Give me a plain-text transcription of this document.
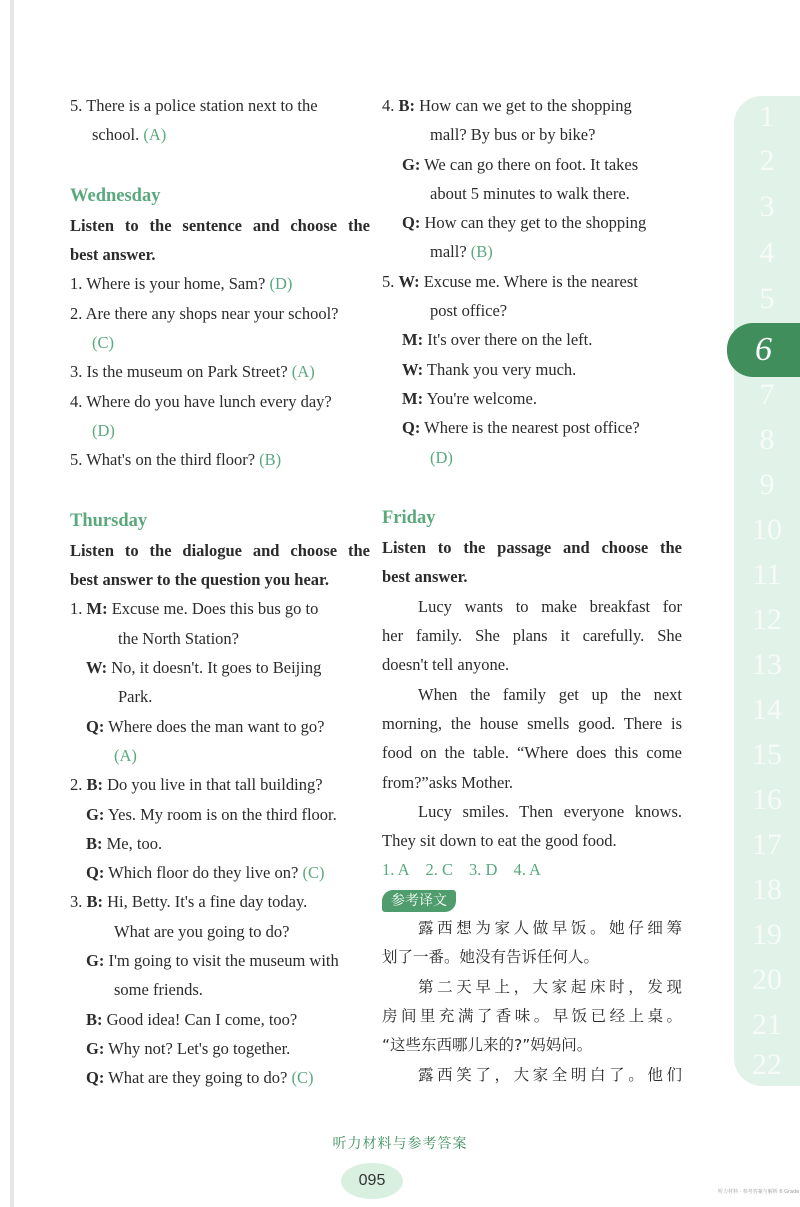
5. There is a police station next to the
school. (A)
Wednesday
Listen to the sentence and choose the
best answer.
1. Where is your home, Sam? (D)
2. Are there any shops near your school?
(C)
3. Is the museum on Park Street? (A)
4. Where do you have lunch every day?
(D)
5. What's on the third floor? (B)
Thursday
Listen to the dialogue and choose the
best answer to the question you hear.
1. M: Excuse me. Does this bus go to
the North Station?
W: No, it doesn't. It goes to Beijing
Park.
Q: Where does the man want to go?
(A)
2. B: Do you live in that tall building?
G: Yes. My room is on the third floor.
B: Me, too.
Q: Which floor do they live on? (C)
3. B: Hi, Betty. It's a fine day today.
What are you going to do?
G: I'm going to visit the museum with
some friends.
B: Good idea! Can I come, too?
G: Why not? Let's go together.
Q: What are they going to do? (C)
4. B: How can we get to the shopping
mall? By bus or by bike?
G: We can go there on foot. It takes
about 5 minutes to walk there.
Q: How can they get to the shopping
mall? (B)
5. W: Excuse me. Where is the nearest
post office?
M: It's over there on the left.
W: Thank you very much.
M: You're welcome.
Q: Where is the nearest post office?
(D)
Friday
Listen to the passage and choose the
best answer.
Lucy wants to make breakfast for
her family. She plans it carefully. She
doesn't tell anyone.
When the family get up the next
morning, the house smells good. There is
food on the table. “Where does this come
from?”asks Mother.
Lucy smiles. Then everyone knows.
They sit down to eat the good food.
1. A 2. C 3. D 4. A
参考译文
露西想为家人做早饭。她仔细筹
划了一番。她没有告诉任何人。
第二天早上，大家起床时，发现
房间里充满了香味。早饭已经上桌。
“这些东西哪儿来的?”妈妈问。
露西笑了，大家全明白了。他们
1
2
3
4
5
7
8
9
10
11
12
13
14
15
16
17
18
19
20
21
22
6
听力材料与参考答案
095
听力材料 · 参考答案与解析 6 Grade
